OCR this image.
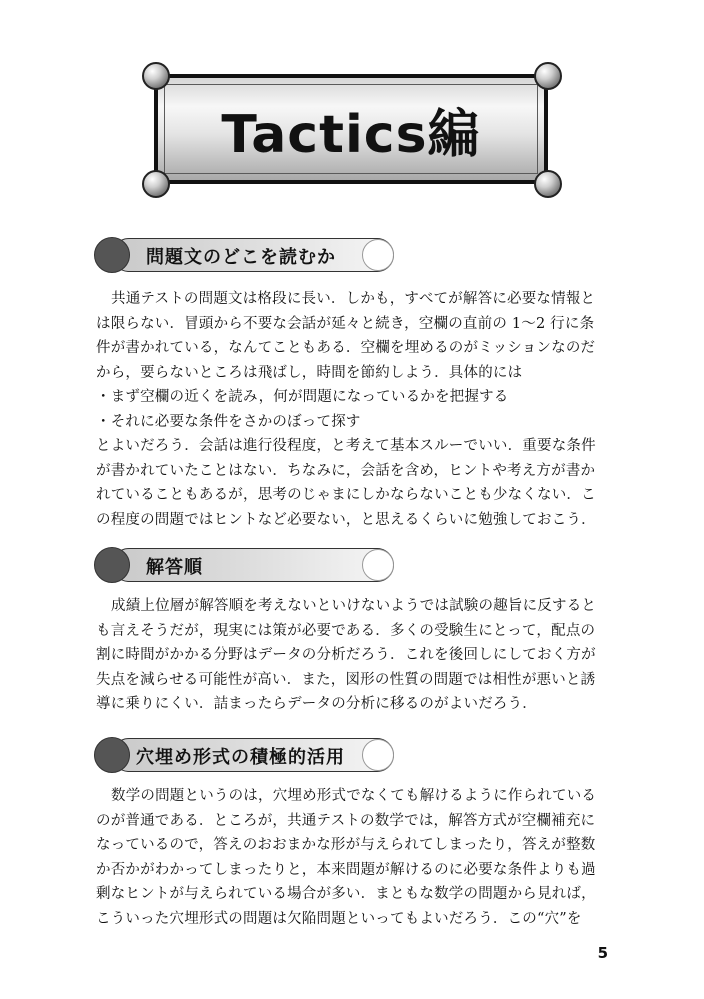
Tactics編
問題文のどこを読むか
共通テストの問題文は格段に長い．しかも，すべてが解答に必要な情報と
は限らない．冒頭から不要な会話が延々と続き，空欄の直前の 1〜2 行に条
件が書かれている，なんてこともある．空欄を埋めるのがミッションなのだ
から，要らないところは飛ばし，時間を節約しよう．具体的には
・まず空欄の近くを読み，何が問題になっているかを把握する
・それに必要な条件をさかのぼって探す
とよいだろう．会話は進行役程度，と考えて基本スルーでいい．重要な条件
が書かれていたことはない．ちなみに，会話を含め，ヒントや考え方が書か
れていることもあるが，思考のじゃまにしかならないことも少なくない．こ
の程度の問題ではヒントなど必要ない，と思えるくらいに勉強しておこう．
解答順
成績上位層が解答順を考えないといけないようでは試験の趣旨に反すると
も言えそうだが，現実には策が必要である．多くの受験生にとって，配点の
割に時間がかかる分野はデータの分析だろう．これを後回しにしておく方が
失点を減らせる可能性が高い．また，図形の性質の問題では相性が悪いと誘
導に乗りにくい．詰まったらデータの分析に移るのがよいだろう．
穴埋め形式の積極的活用
数学の問題というのは，穴埋め形式でなくても解けるように作られている
のが普通である．ところが，共通テストの数学では，解答方式が空欄補充に
なっているので，答えのおおまかな形が与えられてしまったり，答えが整数
か否かがわかってしまったりと，本来問題が解けるのに必要な条件よりも過
剰なヒントが与えられている場合が多い．まともな数学の問題から見れば，
こういった穴埋形式の問題は欠陥問題といってもよいだろう．この“穴”を
5
